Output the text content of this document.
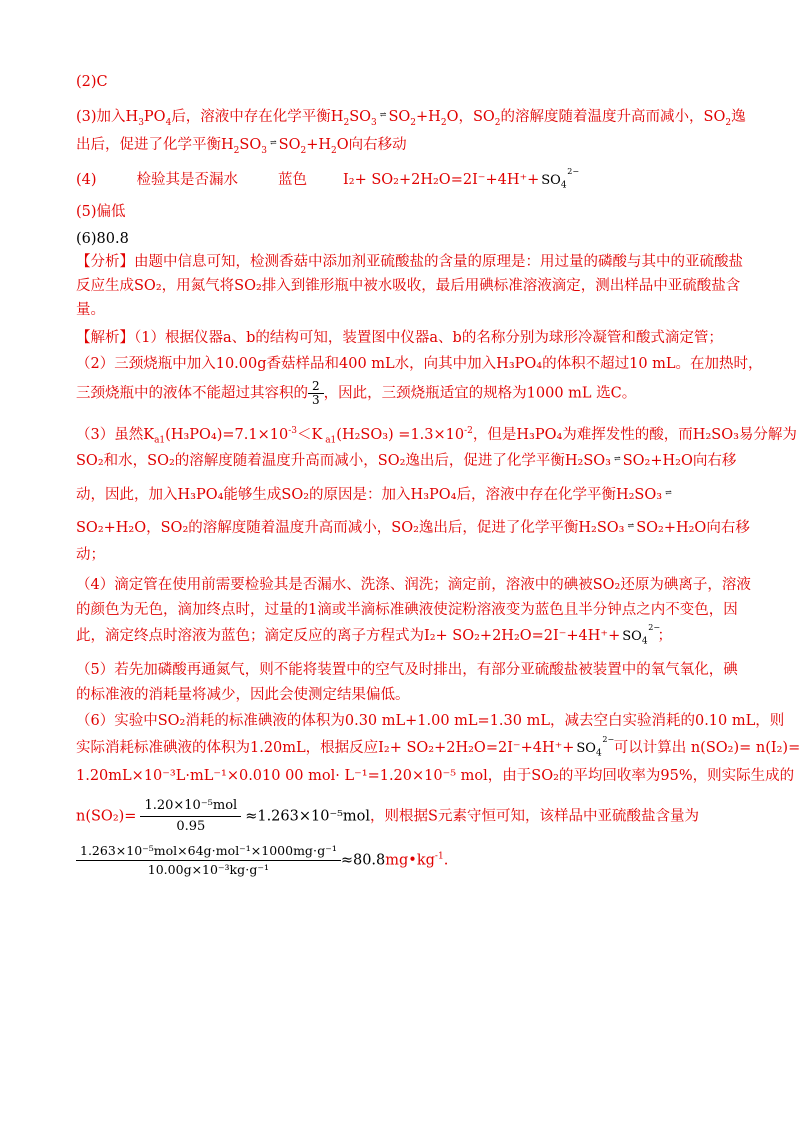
(2)C
(3)加入$H_3PO_4$后，溶液中存在化学平衡$H_2SO_3\rightleftharpoons$ $SO_2+H_2O$，$SO_2$的溶解度随着温度升高而减小，$SO_2$逸
出后，促进了化学平衡$H_2SO_3\rightleftharpoons$ $SO_2+H_2O$向右移动
(4)	检验其是否漏水	蓝色 $I_2+ SO_2+2H_2O=2I^-+4H^++ SO_4$
2−
(5)偏低
(6)80.8
【分析】由题中信息可知，检测香菇中添加剂亚硫酸盐的含量的原理是：用过量的磷酸与其中的亚硫酸盐
反应生成SO₂，用氮气将SO₂排入到锥形瓶中被水吸收，最后用碘标准溶液滴定，测出样品中亚硫酸盐含
量。
【解析】（1）根据仪器a、b的结构可知，装置图中仪器a、b的名称分别为球形冷凝管和酸式滴定管；
（2）三颈烧瓶中加入10.00g香菇样品和400 mL水，向其中加入H₃PO₄的体积不超过10 mL。在加热时，
三颈烧瓶中的液体不能超过其容积的 $\frac{2}{3}$ ，因此，三颈烧瓶适宜的规格为1000 mL 选C。
（3）虽然$K_{a1}(H_3PO_4)=7.1\times 10^{-3}<K$ $_{a1}(H_2SO_3) =1.3\times 10^{-2}$，但是H₃PO₄为难挥发性的酸，而H₂SO₃易分解为
SO₂和水，SO₂的溶解度随着温度升高而减小，SO₂逸出后，促进了化学平衡H₂SO₃ ⇌ SO₂+H₂O向右移
动，因此，加入H₃PO₄能够生成SO₂的原因是：加入H₃PO₄后，溶液中存在化学平衡H₂SO₃ ⇌
SO₂+H₂O，SO₂的溶解度随着温度升高而减小，SO₂逸出后，促进了化学平衡H₂SO₃ ⇌ SO₂+H₂O向右移
动；
（4）滴定管在使用前需要检验其是否漏水、洗涤、润洗；滴定前，溶液中的碘被SO₂还原为碘离子，溶液
的颜色为无色，滴加终点时，过量的1滴或半滴标准碘液使淀粉溶液变为蓝色且半分钟点之内不变色，因
此，滴定终点时溶液为蓝色；滴定反应的离子方程式为$I_2+ SO_2+2H_2O=2I^-+4H^++ SO_4$
2−
；
（5）若先加磷酸再通氮气，则不能将装置中的空气及时排出，有部分亚硫酸盐被装置中的氧气氧化，碘
的标准液的消耗量将减少，因此会使测定结果偏低。
（6）实验中SO₂消耗的标准碘液的体积为0.30 mL+1.00 mL=1.30 mL，减去空白实验消耗的0.10 mL，则
实际消耗标准碘液的体积为1.20mL，根据反应$I_2+ SO_2+2H_2O=2I^-+4H^++ SO_4$
2−
可以计算出 n(SO₂)= n(I₂)=
1.20mL×10⁻³L·mL⁻¹×0.010 00 mol· L⁻¹=1.20×10⁻⁵ mol，由于SO₂的平均回收率为95%，则实际生成的
$n(SO_2)= \frac{\text{1.20×10⁻⁵mol}}{0.95} \approx 1.263\times 10^{-5}mol$，则根据S元素守恒可知，该样品中亚硫酸盐含量为
$\frac{\text{1.263×10⁻⁵mol×64g⋅mol⁻¹×1000mg⋅g⁻¹}}{\text{10.00g×10⁻³kg⋅g⁻¹}}$ $\approx 80.8mg•kg^{-1}$.
